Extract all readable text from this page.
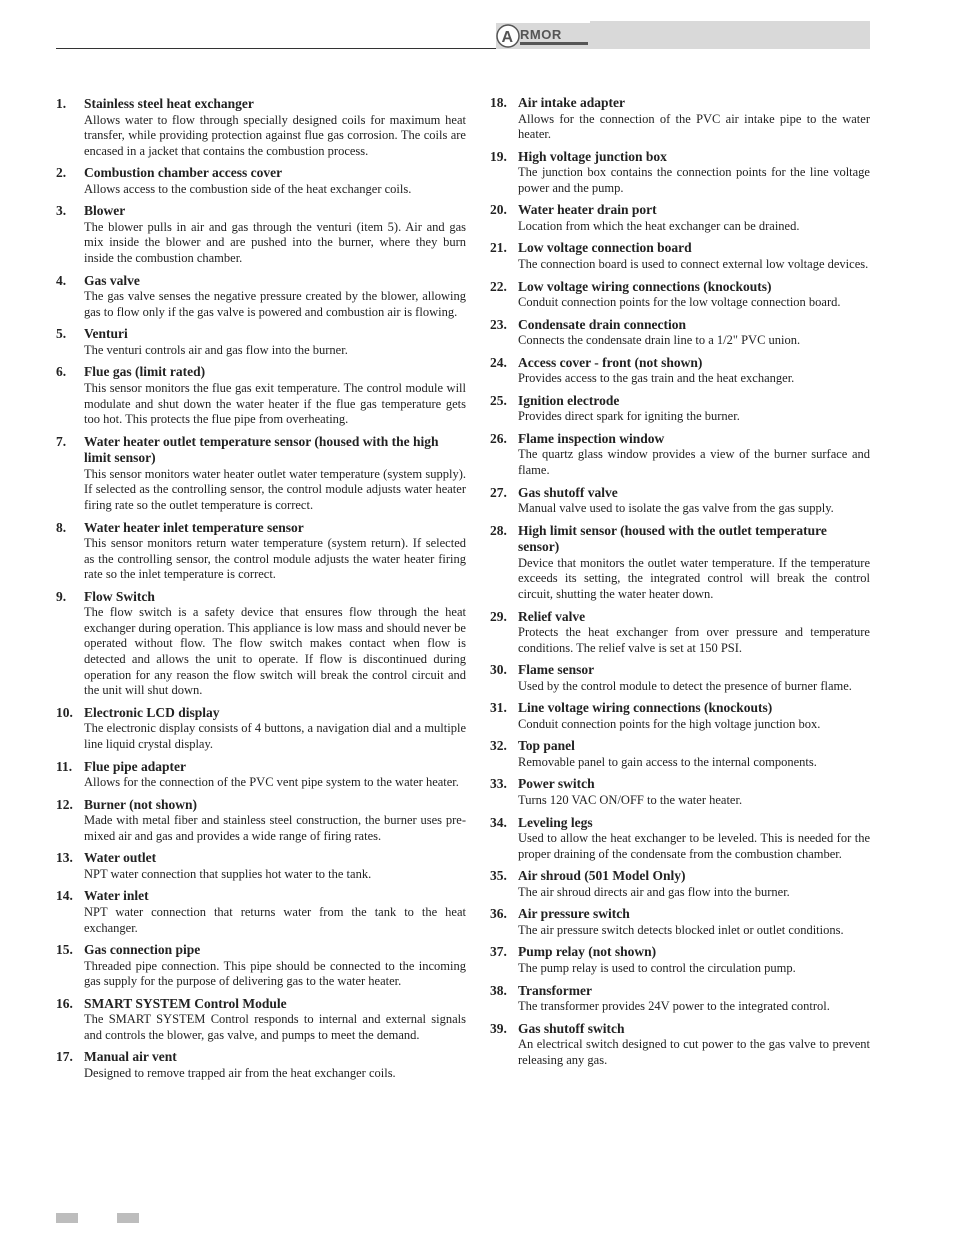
A RMOR
1.	Stainless steel heat exchanger
Allows water to flow through specially designed coils for maximum heat transfer, while providing protection against flue gas corrosion. The coils are encased in a jacket that contains the combustion process.
2.	Combustion chamber access cover
Allows access to the combustion side of the heat exchanger coils.
3.	Blower
The blower pulls in air and gas through the venturi (item 5). Air and gas mix inside the blower and are pushed into the burner, where they burn inside the combustion chamber.
4.	Gas valve
The gas valve senses the negative pressure created by the blower, allowing gas to flow only if the gas valve is powered and combustion air is flowing.
5.	Venturi
The venturi controls air and gas flow into the burner.
6.	Flue gas (limit rated)
This sensor monitors the flue gas exit temperature. The control module will modulate and shut down the water heater if the flue gas temperature gets too hot. This protects the flue pipe from overheating.
7.	Water heater outlet temperature sensor (housed with the high limit sensor)
This sensor monitors water heater outlet water temperature (system supply). If selected as the controlling sensor, the control module adjusts water heater firing rate so the outlet temperature is correct.
8.	Water heater inlet temperature sensor
This sensor monitors return water temperature (system return). If selected as the controlling sensor, the control module adjusts the water heater firing rate so the inlet temperature is correct.
9.	Flow Switch
The flow switch is a safety device that ensures flow through the heat exchanger during operation. This appliance is low mass and should never be operated without flow. The flow switch makes contact when flow is detected and allows the unit to operate. If flow is discontinued during operation for any reason the flow switch will break the control circuit and the unit will shut down.
10. Electronic LCD display
The electronic display consists of 4 buttons, a navigation dial and a multiple line liquid crystal display.
11. Flue pipe adapter
Allows for the connection of the PVC vent pipe system to the water heater.
12. Burner (not shown)
Made with metal fiber and stainless steel construction, the burner uses pre-mixed air and gas and provides a wide range of firing rates.
13. Water outlet
NPT water connection that supplies hot water to the tank.
14. Water inlet
NPT water connection that returns water from the tank to the heat exchanger.
15. Gas connection pipe
Threaded pipe connection. This pipe should be connected to the incoming gas supply for the purpose of delivering gas to the water heater.
16. SMART SYSTEM Control Module
The SMART SYSTEM Control responds to internal and external signals and controls the blower, gas valve, and pumps to meet the demand.
17. Manual air vent
Designed to remove trapped air from the heat exchanger coils.
18. Air intake adapter
Allows for the connection of the PVC air intake pipe to the water heater.
19. High voltage junction box
The junction box contains the connection points for the line voltage power and the pump.
20. Water heater drain port
Location from which the heat exchanger can be drained.
21. Low voltage connection board
The connection board is used to connect external low voltage devices.
22. Low voltage wiring connections (knockouts)
Conduit connection points for the low voltage connection board.
23. Condensate drain connection
Connects the condensate drain line to a 1/2" PVC union.
24. Access cover - front (not shown)
Provides access to the gas train and the heat exchanger.
25. Ignition electrode
Provides direct spark for igniting the burner.
26. Flame inspection window
The quartz glass window provides a view of the burner surface and flame.
27. Gas shutoff valve
Manual valve used to isolate the gas valve from the gas supply.
28. High limit sensor (housed with the outlet temperature sensor)
Device that monitors the outlet water temperature. If the temperature exceeds its setting, the integrated control will break the control circuit, shutting the water heater down.
29. Relief valve
Protects the heat exchanger from over pressure and temperature conditions. The relief valve is set at 150 PSI.
30. Flame sensor
Used by the control module to detect the presence of burner flame.
31. Line voltage wiring connections (knockouts)
Conduit connection points for the high voltage junction box.
32. Top panel
Removable panel to gain access to the internal components.
33. Power switch
Turns 120 VAC ON/OFF to the water heater.
34. Leveling legs
Used to allow the heat exchanger to be leveled. This is needed for the proper draining of the condensate from the combustion chamber.
35. Air shroud (501 Model Only)
The air shroud directs air and gas flow into the burner.
36. Air pressure switch
The air pressure switch detects blocked inlet or outlet conditions.
37. Pump relay (not shown)
The pump relay is used to control the circulation pump.
38. Transformer
The transformer provides 24V power to the integrated control.
39. Gas shutoff switch
An electrical switch designed to cut power to the gas valve to prevent releasing any gas.
